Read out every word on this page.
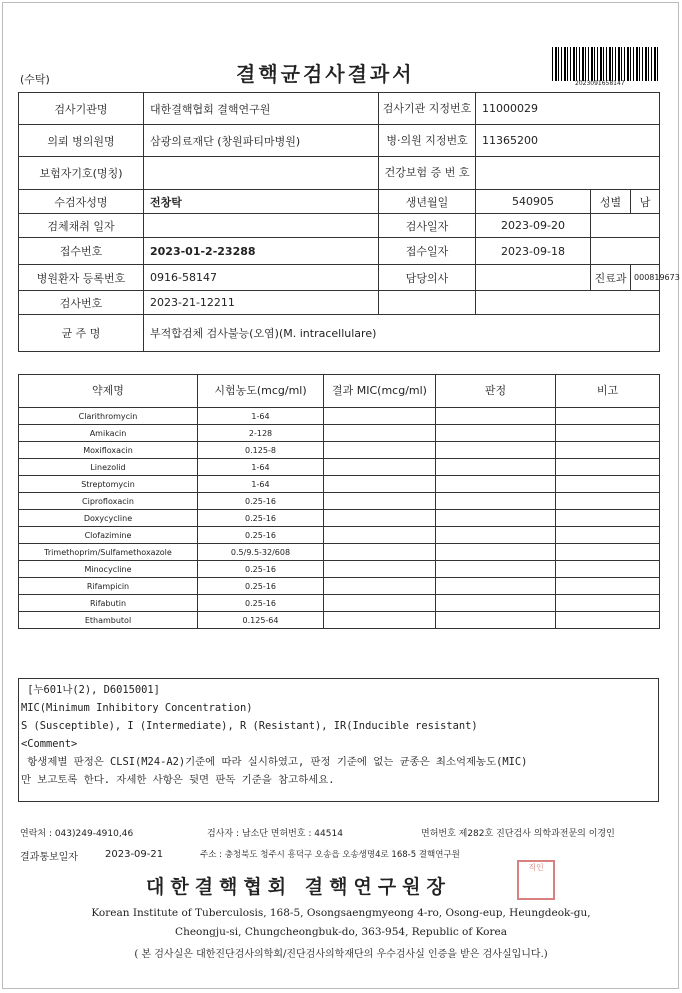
(수탁)	결핵균검사결과서	2023091658147
검사기관명	대한결핵협회 결핵연구원	검사기관 지정번호	11000029		
의뢰 병의원명	삼광의료재단 (창원파티마병원)	병·의원 지정번호	11365200		
보험자기호(명칭)		건강보험 증 번 호			
수검자성명	전창탁	생년월일	540905	성별	남
검체채취 일자		검사일자	2023-09-20		
접수번호	2023-01-2-23288	접수일자	2023-09-18		
병원환자 등록번호	0916-58147	담당의사		진료과	000819673
검사번호	2023-21-12211				
균 주 명	부적합검체 검사불능(오염)(M. intracellulare)				
약제명	시험농도(mcg/ml)	결과 MIC(mcg/ml)	판정	비고
Clarithromycin	1-64			
Amikacin	2-128			
Moxifloxacin	0.125-8			
Linezolid	1-64			
Streptomycin	1-64			
Ciprofloxacin	0.25-16			
Doxycycline	0.25-16			
Clofazimine	0.25-16			
Trimethoprim/Sulfamethoxazole	0.5/9.5-32/608			
Minocycline	0.25-16			
Rifampicin	0.25-16			
Rifabutin	0.25-16			
Ethambutol	0.125-64			
[누601나(2), D6015001]
MIC(Minimum Inhibitory Concentration)
S (Susceptible), I (Intermediate), R (Resistant), IR(Inducible resistant)
<Comment>
항생제별 판정은 CLSI(M24-A2)기준에 따라 실시하였고, 판정 기준에 없는 균종은 최소억제농도(MIC)
만 보고토록 한다. 자세한 사항은 뒷면 판독 기준을 참고하세요.
연락처 : 043)249-4910,46	검사자 : 남소단 면허번호 : 44514	면허번호 제282호 진단검사 의학과전문의 이경인
결과통보일자	2023-09-21	주소 : 충청북도 청주시 흥덕구 오송읍 오송생명4로 168-5 결핵연구원
대한결핵협회 결핵연구원장
직인
Korean Institute of Tuberculosis, 168-5, Osongsaengmyeong 4-ro, Osong-eup, Heungdeok-gu,
Cheongju-si, Chungcheongbuk-do, 363-954, Republic of Korea
( 본 검사실은 대한진단검사의학회/진단검사의학재단의 우수검사실 인증을 받은 검사실입니다.)
